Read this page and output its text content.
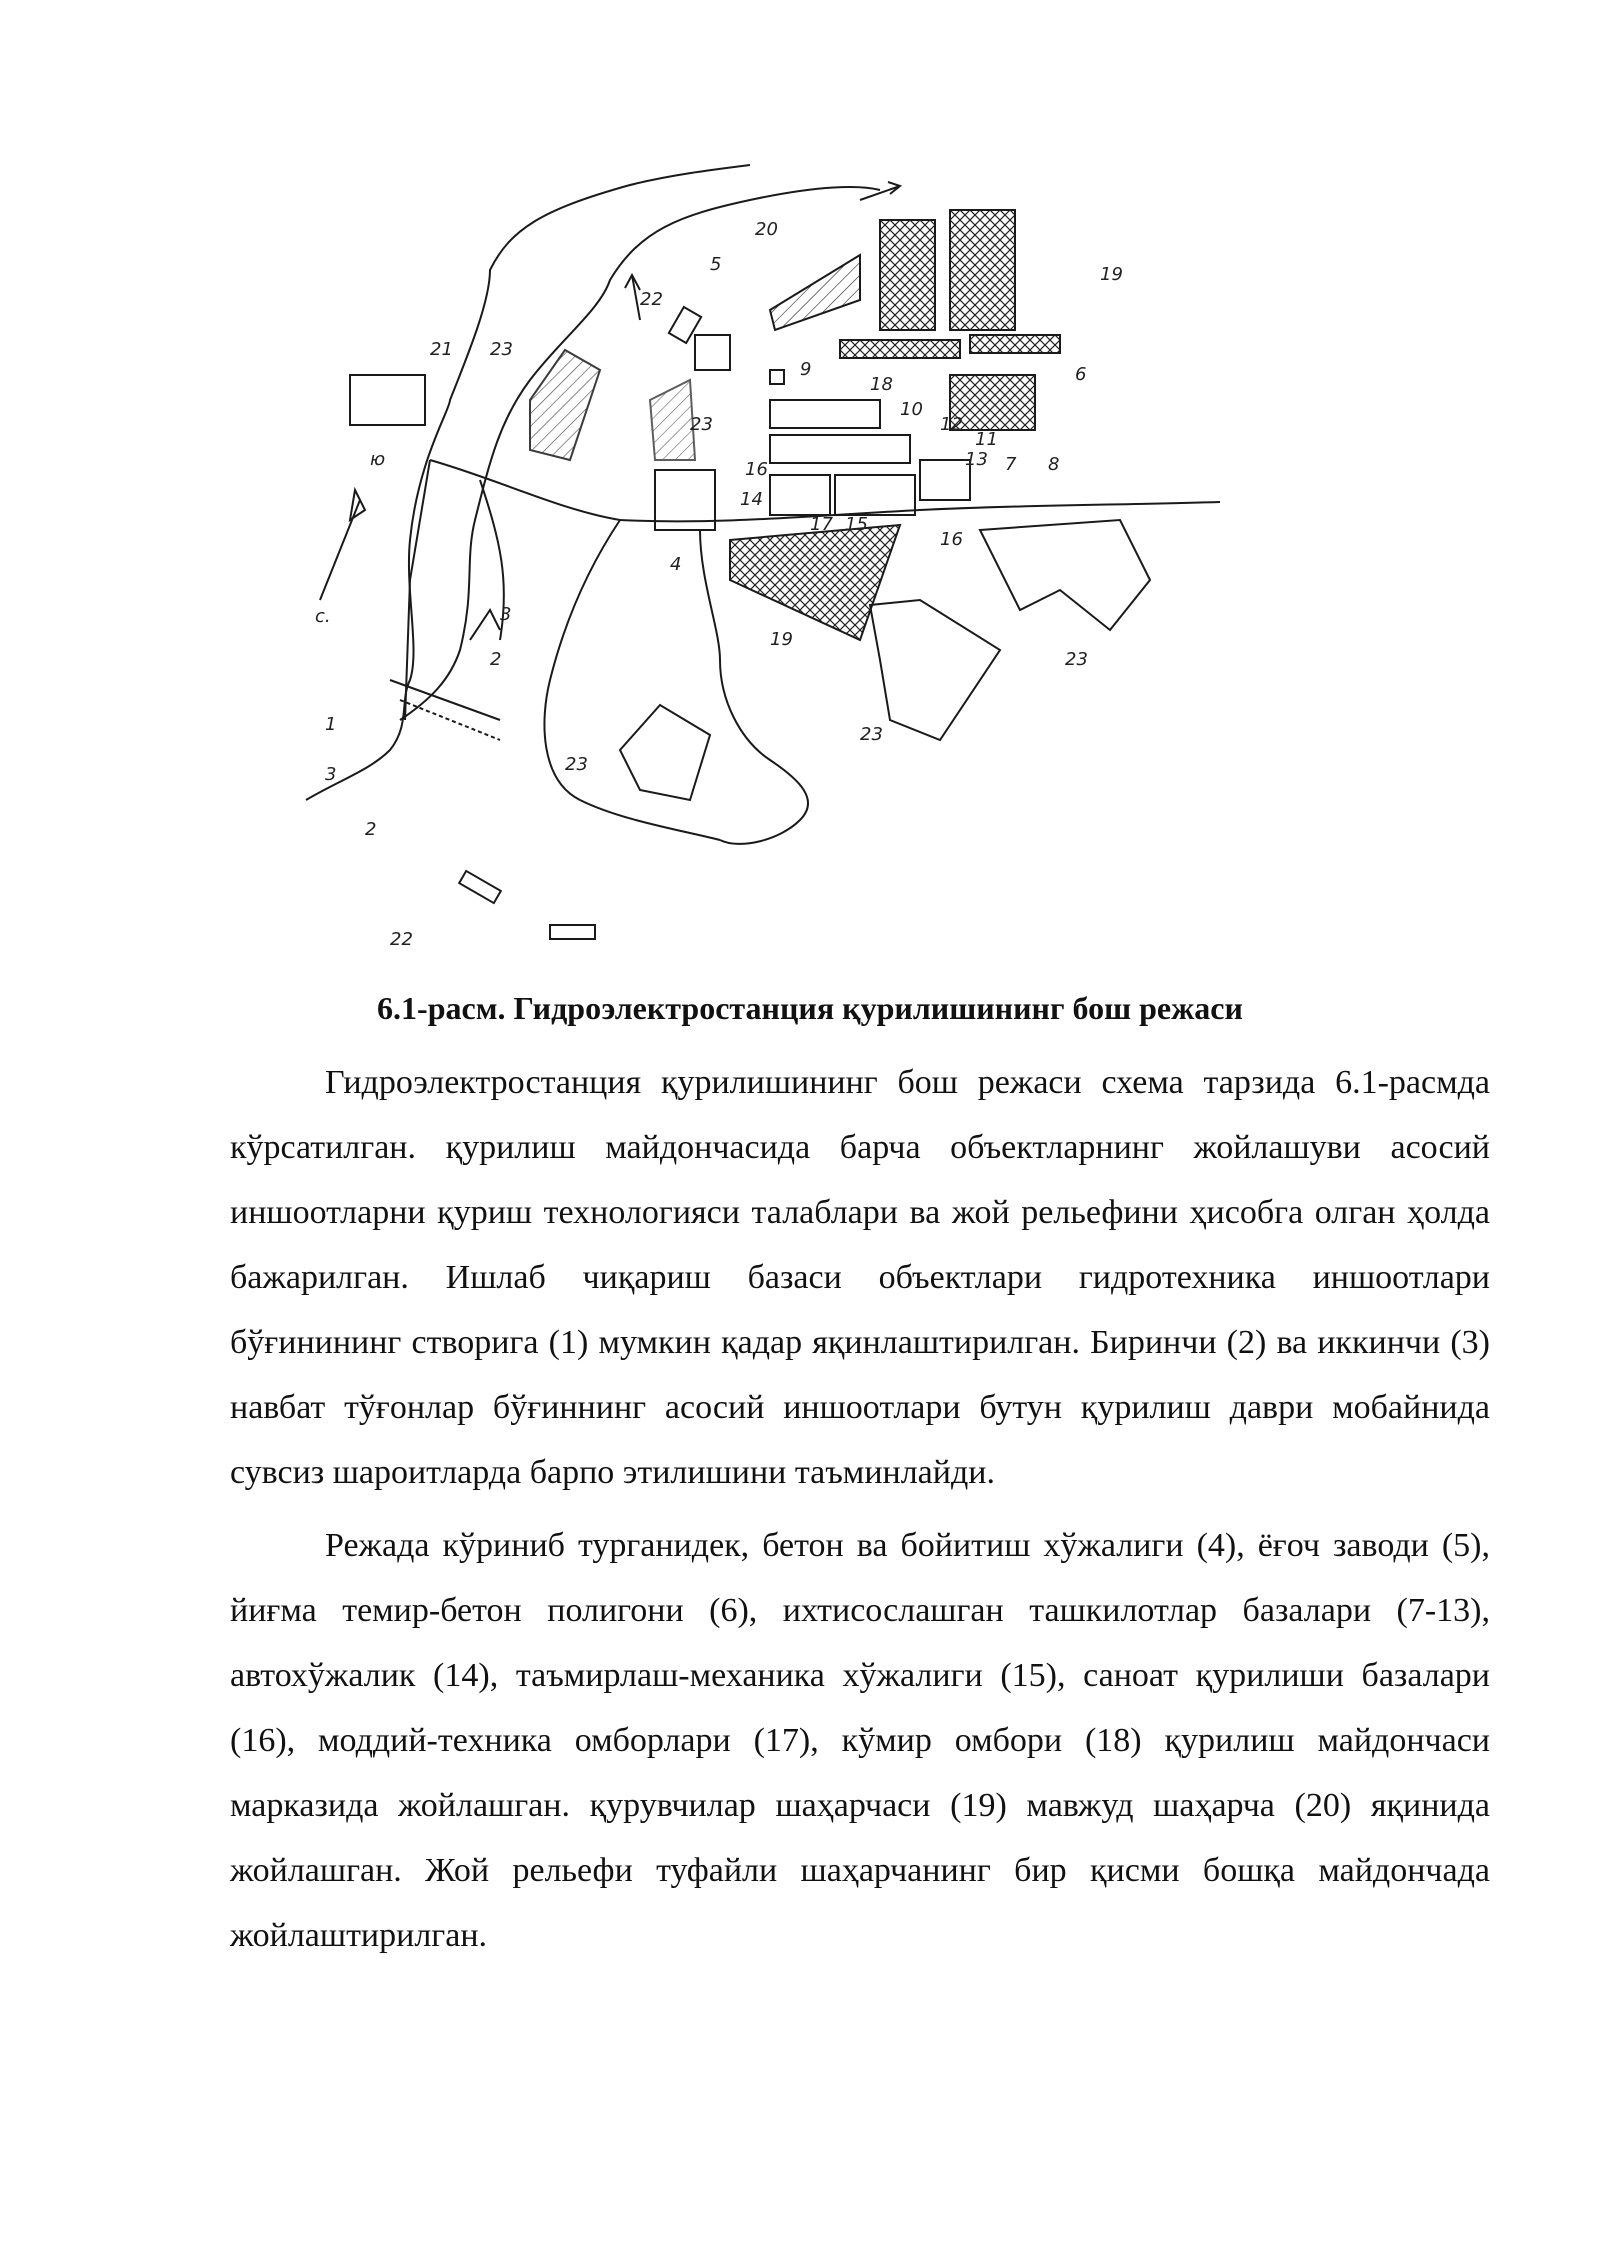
20
5	19
22
21 23
9
18	6
23
10
12
11
13 7 8
16
14
17 15
16
4
3
2
19
23
23
1
3
2
23
22
ю
с.
6.1-расм. Гидроэлектростанция қурилишининг бош режаси

Гидроэлектростанция қурилишининг бош режаси схема тарзида 6.1-расмда кўрсатилган. қурилиш майдончасида барча объектларнинг жойлашуви асосий иншоотларни қуриш технологияси талаблари ва жой рельефини ҳисобга олган ҳолда бажарилган. Ишлаб чиқариш базаси объектлари гидротехника иншоотлари бўғинининг створига (1) мумкин қадар яқинлаштирилган. Биринчи (2) ва иккинчи (3) навбат тўғонлар бўғиннинг асосий иншоотлари бутун қурилиш даври мобайнида сувсиз шароитларда барпо этилишини таъминлайди.

Режада кўриниб турганидек, бетон ва бойитиш хўжалиги (4), ёғоч заводи (5), йиғма темир-бетон полигони (6), ихтисослашган ташкилотлар базалари (7-13), автохўжалик (14), таъмирлаш-механика хўжалиги (15), саноат қурилиши базалари (16), моддий-техника омборлари (17), кўмир омбори (18) қурилиш майдончаси марказида жойлашган. қурувчилар шаҳарчаси (19) мавжуд шаҳарча (20) яқинида жойлашган. Жой рельефи туфайли шаҳарчанинг бир қисми бошқа майдончада жойлаштирилган.
